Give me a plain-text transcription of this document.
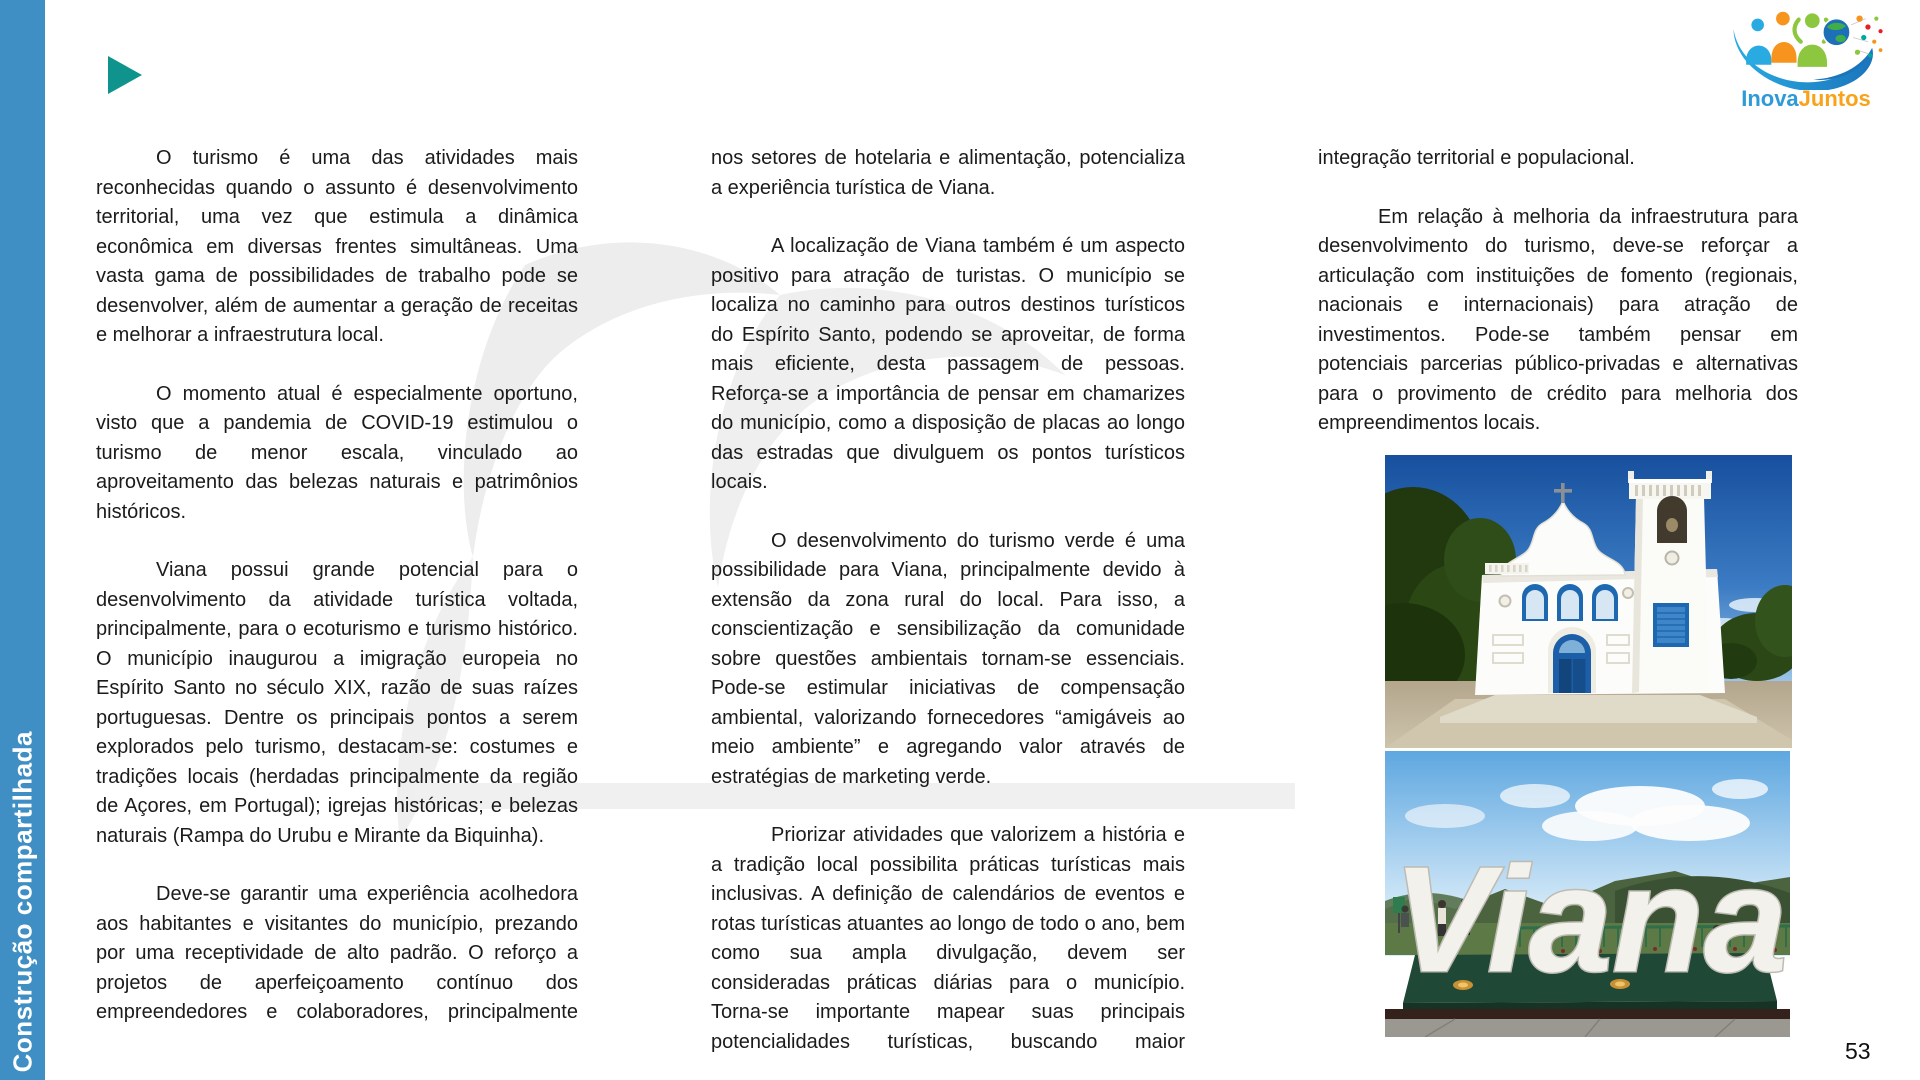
Construção compartilhada
InovaJuntos

O turismo é uma das atividades mais reconhecidas quando o assunto é desenvolvimento territorial, uma vez que estimula a dinâmica econômica em diversas frentes simultâneas. Uma vasta gama de possibilidades de trabalho pode se desenvolver, além de aumentar a geração de receitas e melhorar a infraestrutura local.

O momento atual é especialmente oportuno, visto que a pandemia de COVID-19 estimulou o turismo de menor escala, vinculado ao aproveitamento das belezas naturais e patrimônios históricos.

Viana possui grande potencial para o desenvolvimento da atividade turística voltada, principalmente, para o ecoturismo e turismo histórico. O município inaugurou a imigração europeia no Espírito Santo no século XIX, razão de suas raízes portuguesas. Dentre os principais pontos a serem explorados pelo turismo, destacam-se: costumes e tradições locais (herdadas principalmente da região de Açores, em Portugal); igrejas históricas; e belezas naturais (Rampa do Urubu e Mirante da Biquinha).

Deve-se garantir uma experiência acolhedora aos habitantes e visitantes do município, prezando por uma receptividade de alto padrão. O reforço a projetos de aperfeiçoamento contínuo dos empreendedores e colaboradores, principalmente

nos setores de hotelaria e alimentação, potencializa a experiência turística de Viana.

A localização de Viana também é um aspecto positivo para atração de turistas. O município se localiza no caminho para outros destinos turísticos do Espírito Santo, podendo se aproveitar, de forma mais eficiente, desta passagem de pessoas. Reforça-se a importância de pensar em chamarizes do município, como a disposição de placas ao longo das estradas que divulguem os pontos turísticos locais.

O desenvolvimento do turismo verde é uma possibilidade para Viana, principalmente devido à extensão da zona rural do local. Para isso, a conscientização e sensibilização da comunidade sobre questões ambientais tornam-se essenciais. Pode-se estimular iniciativas de compensação ambiental, valorizando fornecedores “amigáveis ao meio ambiente” e agregando valor através de estratégias de marketing verde.

Priorizar atividades que valorizem a história e a tradição local possibilita práticas turísticas mais inclusivas. A definição de calendários de eventos e rotas turísticas atuantes ao longo de todo o ano, bem como sua ampla divulgação, devem ser consideradas práticas diárias para o município. Torna-se importante mapear suas principais potencialidades turísticas, buscando maior

integração territorial e populacional.

Em relação à melhoria da infraestrutura para desenvolvimento do turismo, deve-se reforçar a articulação com instituições de fomento (regionais, nacionais e internacionais) para atração de investimentos. Pode-se também pensar em potenciais parcerias público-privadas e alternativas para o provimento de crédito para melhoria dos empreendimentos locais.

Viana
53
